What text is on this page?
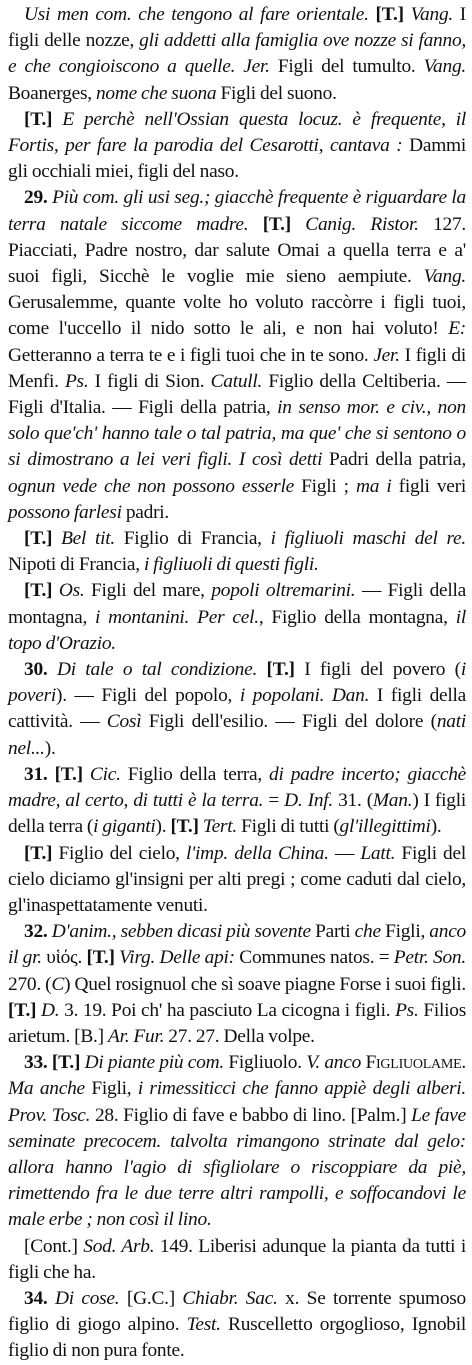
Usi men com. che tengono al fare orientale. [T.] Vang. I figli delle nozze, gli addetti alla famiglia ove nozze si fanno, e che congioiscono a quelle. Jer. Figli del tumulto. Vang. Boanerges, nome che suona Figli del suono.

[T.] E perchè nell'Ossian questa locuz. è frequente, il Fortis, per fare la parodia del Cesarotti, cantava : Dammi gli occhiali miei, figli del naso.

29. Più com. gli usi seg.; giacchè frequente è riguardare la terra natale siccome madre. [T.] Canig. Ristor. 127. Piacciati, Padre nostro, dar salute Omai a quella terra e a' suoi figli, Sicchè le voglie mie sieno aempiute. Vang. Gerusalemme, quante volte ho voluto raccòrre i figli tuoi, come l'uccello il nido sotto le ali, e non hai voluto! E: Getteranno a terra te e i figli tuoi che in te sono. Jer. I figli di Menfi. Ps. I figli di Sion. Catull. Figlio della Celtiberia. — Figli d'Italia. — Figli della patria, in senso mor. e civ., non solo que'ch' hanno tale o tal patria, ma que' che si sentono o si dimostrano a lei veri figli. I così detti Padri della patria, ognun vede che non possono esserle Figli ; ma i figli veri possono farlesi padri.

[T.] Bel tit. Figlio di Francia, i figliuoli maschi del re. Nipoti di Francia, i figliuoli di questi figli.

[T.] Os. Figli del mare, popoli oltremarini. — Figli della montagna, i montanini. Per cel., Figlio della montagna, il topo d'Orazio.

30. Di tale o tal condizione. [T.] I figli del povero (i poveri). — Figli del popolo, i popolani. Dan. I figli della cattività. — Così Figli dell'esilio. — Figli del dolore (nati nel...).

31. [T.] Cic. Figlio della terra, di padre incerto; giacchè madre, al certo, di tutti è la terra. = D. Inf. 31. (Man.) I figli della terra (i giganti). [T.] Tert. Figli di tutti (gl'illegittimi).

[T.] Figlio del cielo, l'imp. della China. — Latt. Figli del cielo diciamo gl'insigni per alti pregi ; come caduti dal cielo, gl'inaspettatamente venuti.

32. D'anim., sebben dicasi più sovente Parti che Figli, anco il gr. υἱός. [T.] Virg. Delle api: Communes natos. = Petr. Son. 270. (C) Quel rosignuol che sì soave piagne Forse i suoi figli. [T.] D. 3. 19. Poi ch' ha pasciuto La cicogna i figli. Ps. Filios arietum. [B.] Ar. Fur. 27. 27. Della volpe.

33. [T.] Di piante più com. Figliuolo. V. anco Figliuolame. Ma anche Figli, i rimessiticci che fanno appiè degli alberi. Prov. Tosc. 28. Figlio di fave e babbo di lino. [Palm.] Le fave seminate precocem. talvolta rimangono strinate dal gelo: allora hanno l'agio di sfigliolare o riscoppiare da piè, rimettendo fra le due terre altri rampolli, e soffocandovi le male erbe ; non così il lino.

[Cont.] Sod. Arb. 149. Liberisi adunque la pianta da tutti i figli che ha.

34. Di cose. [G.C.] Chiabr. Sac. x. Se torrente spumoso figlio di giogo alpino. Test. Ruscelletto orgoglioso, Ignobil figlio di non pura fonte.
